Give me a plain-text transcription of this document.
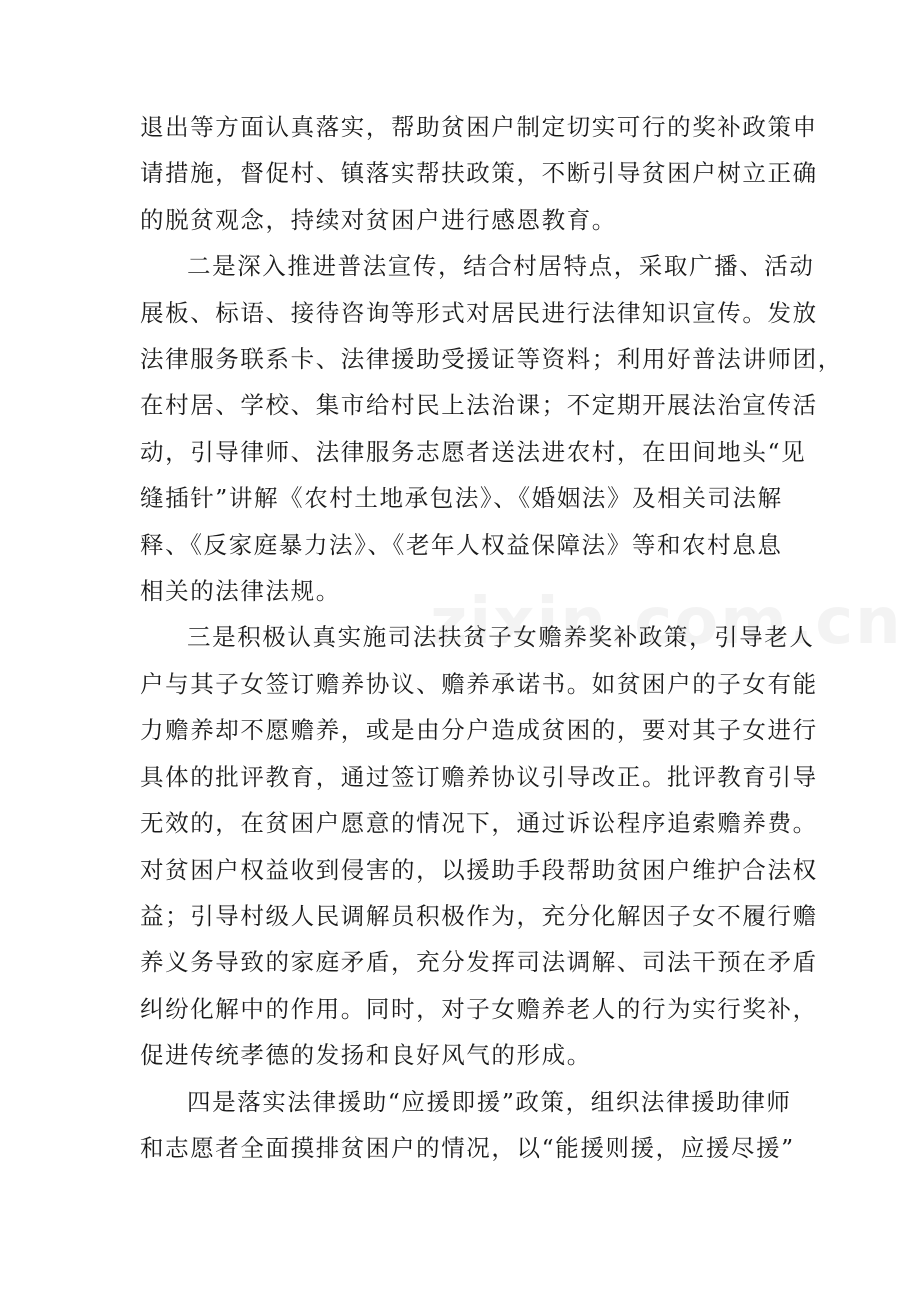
退出等方面认真落实，帮助贫困户制定切实可行的奖补政策申
请措施，督促村、镇落实帮扶政策，不断引导贫困户树立正确
的脱贫观念，持续对贫困户进行感恩教育。

二是深入推进普法宣传，结合村居特点，采取广播、活动
展板、标语、接待咨询等形式对居民进行法律知识宣传。发放
法律服务联系卡、法律援助受援证等资料；利用好普法讲师团，
在村居、学校、集市给村民上法治课；不定期开展法治宣传活
动，引导律师、法律服务志愿者送法进农村，在田间地头“见
缝插针”讲解《农村土地承包法》、《婚姻法》及相关司法解
释、《反家庭暴力法》、《老年人权益保障法》等和农村息息
相关的法律法规。

三是积极认真实施司法扶贫子女赡养奖补政策，引导老人
户与其子女签订赡养协议、赡养承诺书。如贫困户的子女有能
力赡养却不愿赡养，或是由分户造成贫困的，要对其子女进行
具体的批评教育，通过签订赡养协议引导改正。批评教育引导
无效的，在贫困户愿意的情况下，通过诉讼程序追索赡养费。
对贫困户权益收到侵害的，以援助手段帮助贫困户维护合法权
益；引导村级人民调解员积极作为，充分化解因子女不履行赡
养义务导致的家庭矛盾，充分发挥司法调解、司法干预在矛盾
纠纷化解中的作用。同时，对子女赡养老人的行为实行奖补，
促进传统孝德的发扬和良好风气的形成。

四是落实法律援助“应援即援”政策，组织法律援助律师
和志愿者全面摸排贫困户的情况，以“能援则援，应援尽援”
